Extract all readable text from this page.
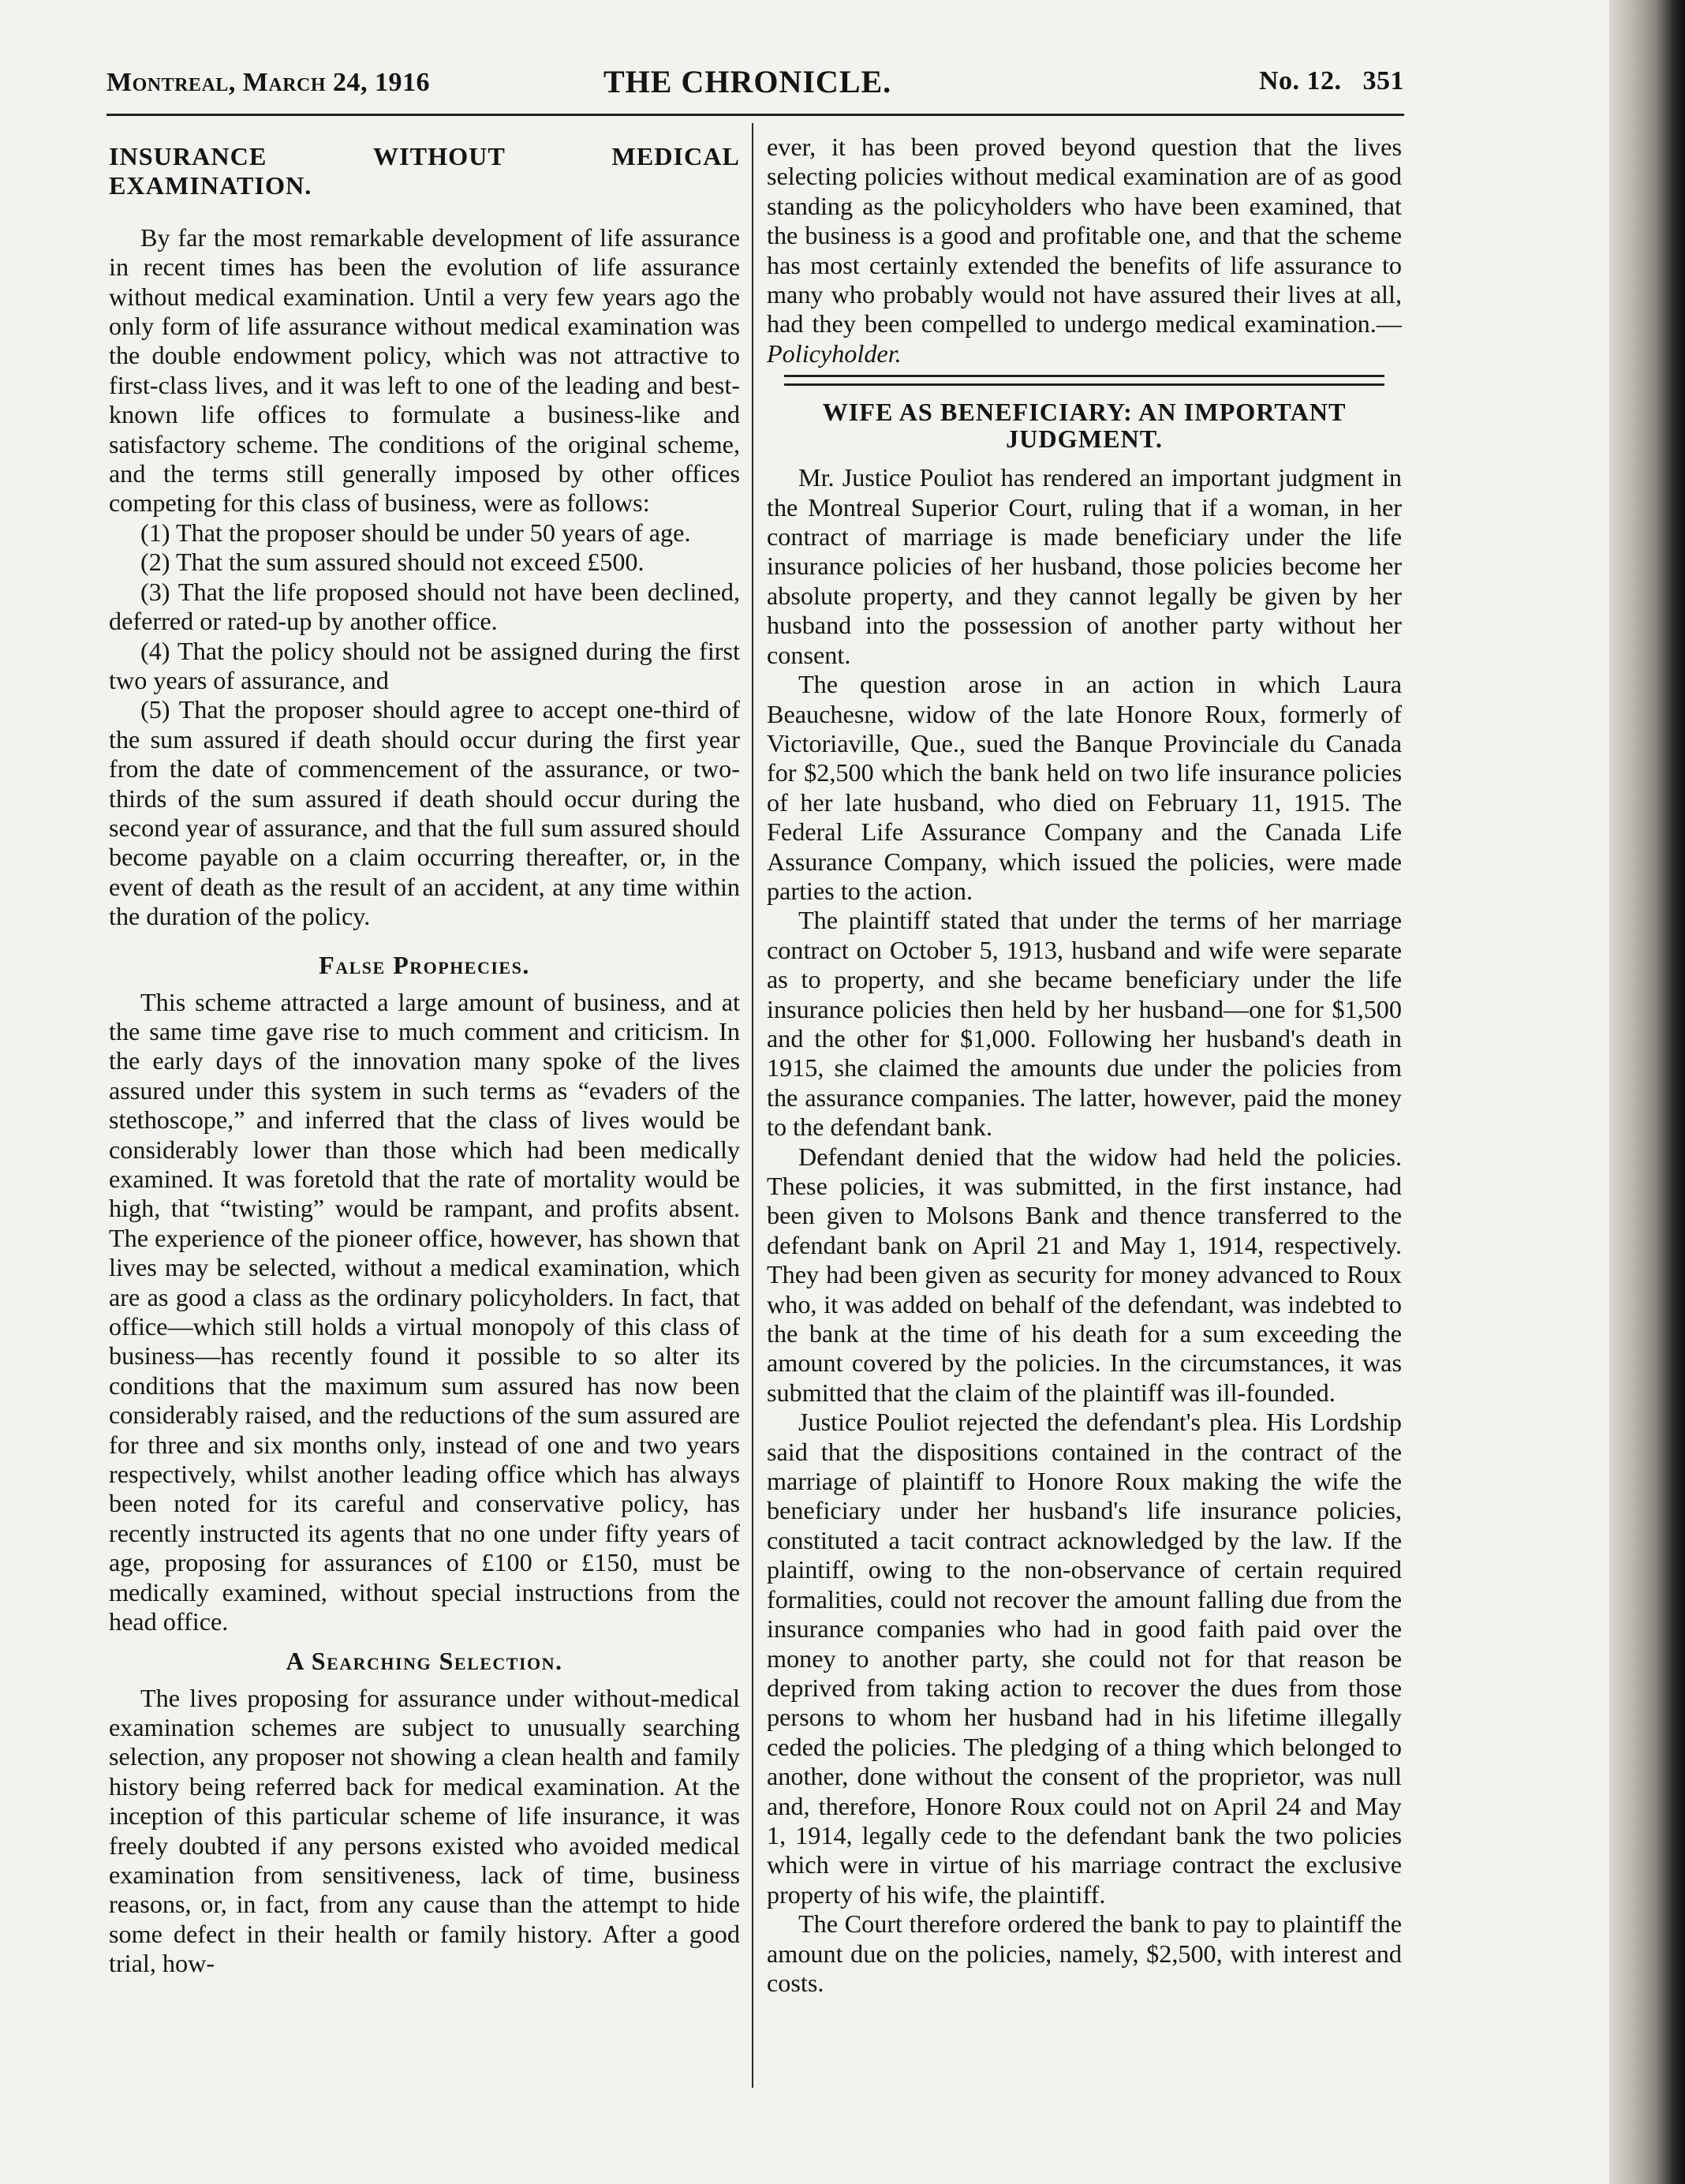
Montreal, March 24, 1916	THE CHRONICLE.	No. 12.   351

INSURANCE WITHOUT MEDICAL EXAMINATION.

By far the most remarkable development of life assurance in recent times has been the evolution of life assurance without medical examination. Until a very few years ago the only form of life assurance without medical examination was the double endowment policy, which was not attractive to first-class lives, and it was left to one of the leading and best-known life offices to formulate a business-like and satisfactory scheme. The conditions of the original scheme, and the terms still generally imposed by other offices competing for this class of business, were as follows:

(1) That the proposer should be under 50 years of age.

(2) That the sum assured should not exceed £500.

(3) That the life proposed should not have been declined, deferred or rated-up by another office.

(4) That the policy should not be assigned during the first two years of assurance, and

(5) That the proposer should agree to accept one-third of the sum assured if death should occur during the first year from the date of commencement of the assurance, or two-thirds of the sum assured if death should occur during the second year of assurance, and that the full sum assured should become payable on a claim occurring thereafter, or, in the event of death as the result of an accident, at any time within the duration of the policy.

False Prophecies.

This scheme attracted a large amount of business, and at the same time gave rise to much comment and criticism. In the early days of the innovation many spoke of the lives assured under this system in such terms as “evaders of the stethoscope,” and inferred that the class of lives would be considerably lower than those which had been medically examined. It was foretold that the rate of mortality would be high, that “twisting” would be rampant, and profits absent. The experience of the pioneer office, however, has shown that lives may be selected, without a medical examination, which are as good a class as the ordinary policyholders. In fact, that office—which still holds a virtual monopoly of this class of business—has recently found it possible to so alter its conditions that the maximum sum assured has now been considerably raised, and the reductions of the sum assured are for three and six months only, instead of one and two years respectively, whilst another leading office which has always been noted for its careful and conservative policy, has recently instructed its agents that no one under fifty years of age, proposing for assurances of £100 or £150, must be medically examined, without special instructions from the head office.

A Searching Selection.

The lives proposing for assurance under without-medical examination schemes are subject to unusually searching selection, any proposer not showing a clean health and family history being referred back for medical examination. At the inception of this particular scheme of life insurance, it was freely doubted if any persons existed who avoided medical examination from sensitiveness, lack of time, business reasons, or, in fact, from any cause than the attempt to hide some defect in their health or family history. After a good trial, how-

ever, it has been proved beyond question that the lives selecting policies without medical examination are of as good standing as the policyholders who have been examined, that the business is a good and profitable one, and that the scheme has most certainly extended the benefits of life assurance to many who probably would not have assured their lives at all, had they been compelled to undergo medical examination.—Policyholder.

WIFE AS BENEFICIARY: AN IMPORTANT JUDGMENT.

Mr. Justice Pouliot has rendered an important judgment in the Montreal Superior Court, ruling that if a woman, in her contract of marriage is made beneficiary under the life insurance policies of her husband, those policies become her absolute property, and they cannot legally be given by her husband into the possession of another party without her consent.

The question arose in an action in which Laura Beauchesne, widow of the late Honore Roux, formerly of Victoriaville, Que., sued the Banque Provinciale du Canada for $2,500 which the bank held on two life insurance policies of her late husband, who died on February 11, 1915. The Federal Life Assurance Company and the Canada Life Assurance Company, which issued the policies, were made parties to the action.

The plaintiff stated that under the terms of her marriage contract on October 5, 1913, husband and wife were separate as to property, and she became beneficiary under the life insurance policies then held by her husband—one for $1,500 and the other for $1,000. Following her husband's death in 1915, she claimed the amounts due under the policies from the assurance companies. The latter, however, paid the money to the defendant bank.

Defendant denied that the widow had held the policies. These policies, it was submitted, in the first instance, had been given to Molsons Bank and thence transferred to the defendant bank on April 21 and May 1, 1914, respectively. They had been given as security for money advanced to Roux who, it was added on behalf of the defendant, was indebted to the bank at the time of his death for a sum exceeding the amount covered by the policies. In the circumstances, it was submitted that the claim of the plaintiff was ill-founded.

Justice Pouliot rejected the defendant's plea. His Lordship said that the dispositions contained in the contract of the marriage of plaintiff to Honore Roux making the wife the beneficiary under her husband's life insurance policies, constituted a tacit contract acknowledged by the law. If the plaintiff, owing to the non-observance of certain required formalities, could not recover the amount falling due from the insurance companies who had in good faith paid over the money to another party, she could not for that reason be deprived from taking action to recover the dues from those persons to whom her husband had in his lifetime illegally ceded the policies. The pledging of a thing which belonged to another, done without the consent of the proprietor, was null and, therefore, Honore Roux could not on April 24 and May 1, 1914, legally cede to the defendant bank the two policies which were in virtue of his marriage contract the exclusive property of his wife, the plaintiff.

The Court therefore ordered the bank to pay to plaintiff the amount due on the policies, namely, $2,500, with interest and costs.
